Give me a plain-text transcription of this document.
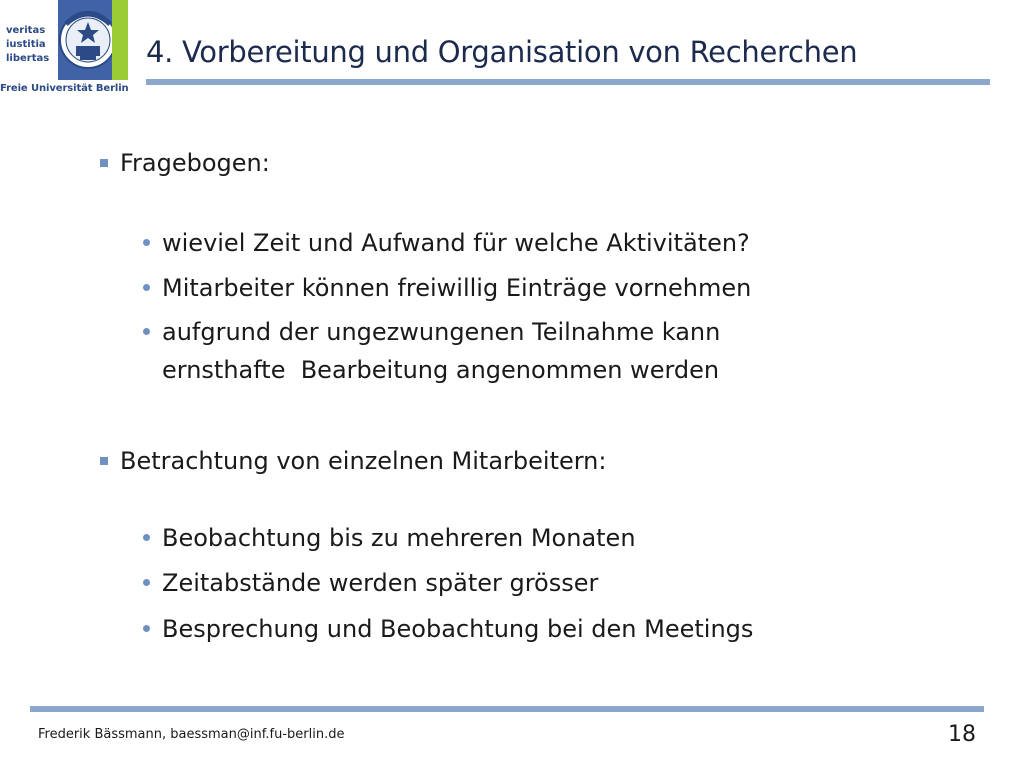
veritas
iustitia
libertas
Freie Universität Berlin
4. Vorbereitung und Organisation von Recherchen
Fragebogen:
wieviel Zeit und Aufwand für welche Aktivitäten?
Mitarbeiter können freiwillig Einträge vornehmen
aufgrund der ungezwungenen Teilnahme kann
ernsthafte  Bearbeitung angenommen werden
Betrachtung von einzelnen Mitarbeitern:
Beobachtung bis zu mehreren Monaten
Zeitabstände werden später grösser
Besprechung und Beobachtung bei den Meetings
Frederik Bässmann, baessman@inf.fu-berlin.de	18
